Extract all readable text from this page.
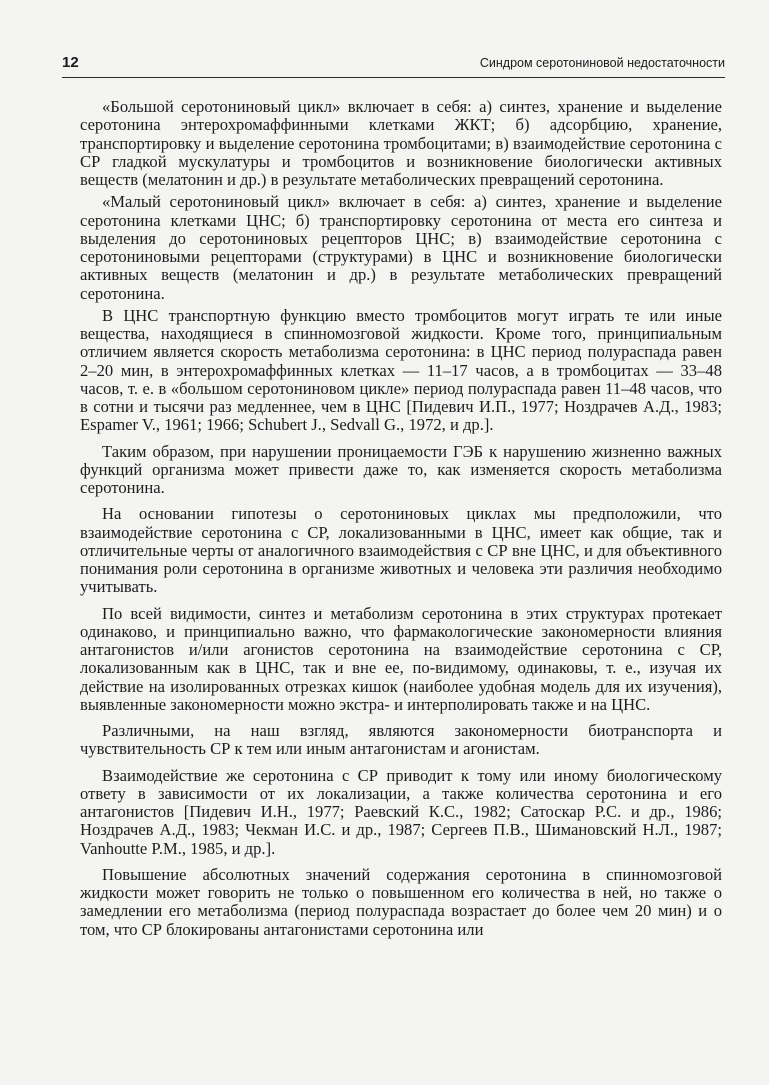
12	Синдром серотониновой недостаточности

«Большой серотониновый цикл» включает в себя: а) синтез, хранение и выделение серотонина энтерохромаффинными клетками ЖКТ; б) адсорбцию, хранение, транспортировку и выделение серотонина тромбоцитами; в) взаимодействие серотонина с СР гладкой мускулатуры и тромбоцитов и возникновение биологически активных веществ (мелатонин и др.) в результате метаболических превращений серотонина.

«Малый серотониновый цикл» включает в себя: а) синтез, хранение и выделение серотонина клетками ЦНС; б) транспортировку серотонина от места его синтеза и выделения до серотониновых рецепторов ЦНС; в) взаимодействие серотонина с серотониновыми рецепторами (структурами) в ЦНС и возникновение биологически активных веществ (мелатонин и др.) в результате метаболических превращений серотонина.

В ЦНС транспортную функцию вместо тромбоцитов могут играть те или иные вещества, находящиеся в спинномозговой жидкости. Кроме того, принципиальным отличием является скорость метаболизма серотонина: в ЦНС период полураспада равен 2–20 мин, в энтерохромаффинных клетках — 11–17 часов, а в тромбоцитах — 33–48 часов, т. е. в «большом серотониновом цикле» период полураспада равен 11–48 часов, что в сотни и тысячи раз медленнее, чем в ЦНС [Пидевич И.П., 1977; Ноздрачев А.Д., 1983; Espamer V., 1961; 1966; Schubert J., Sedvall G., 1972, и др.].

Таким образом, при нарушении проницаемости ГЭБ к нарушению жизненно важных функций организма может привести даже то, как изменяется скорость метаболизма серотонина.

На основании гипотезы о серотониновых циклах мы предположили, что взаимодействие серотонина с СР, локализованными в ЦНС, имеет как общие, так и отличительные черты от аналогичного взаимодействия с СР вне ЦНС, и для объективного понимания роли серотонина в организме животных и человека эти различия необходимо учитывать.

По всей видимости, синтез и метаболизм серотонина в этих структурах протекает одинаково, и принципиально важно, что фармакологические закономерности влияния антагонистов и/или агонистов серотонина на взаимодействие серотонина с СР, локализованным как в ЦНС, так и вне ее, по-видимому, одинаковы, т. е., изучая их действие на изолированных отрезках кишок (наиболее удобная модель для их изучения), выявленные закономерности можно экстра- и интерполировать также и на ЦНС.

Различными, на наш взгляд, являются закономерности биотранспорта и чувствительность СР к тем или иным антагонистам и агонистам.

Взаимодействие же серотонина с СР приводит к тому или иному биологическому ответу в зависимости от их локализации, а также количества серотонина и его антагонистов [Пидевич И.Н., 1977; Раевский К.С., 1982; Сатоскар Р.С. и др., 1986; Ноздрачев А.Д., 1983; Чекман И.С. и др., 1987; Сергеев П.В., Шимановский Н.Л., 1987; Vanhoutte P.M., 1985, и др.].

Повышение абсолютных значений содержания серотонина в спинномозговой жидкости может говорить не только о повышенном его количества в ней, но также о замедлении его метаболизма (период полураспада возрастает до более чем 20 мин) и о том, что СР блокированы антагонистами серотонина или
